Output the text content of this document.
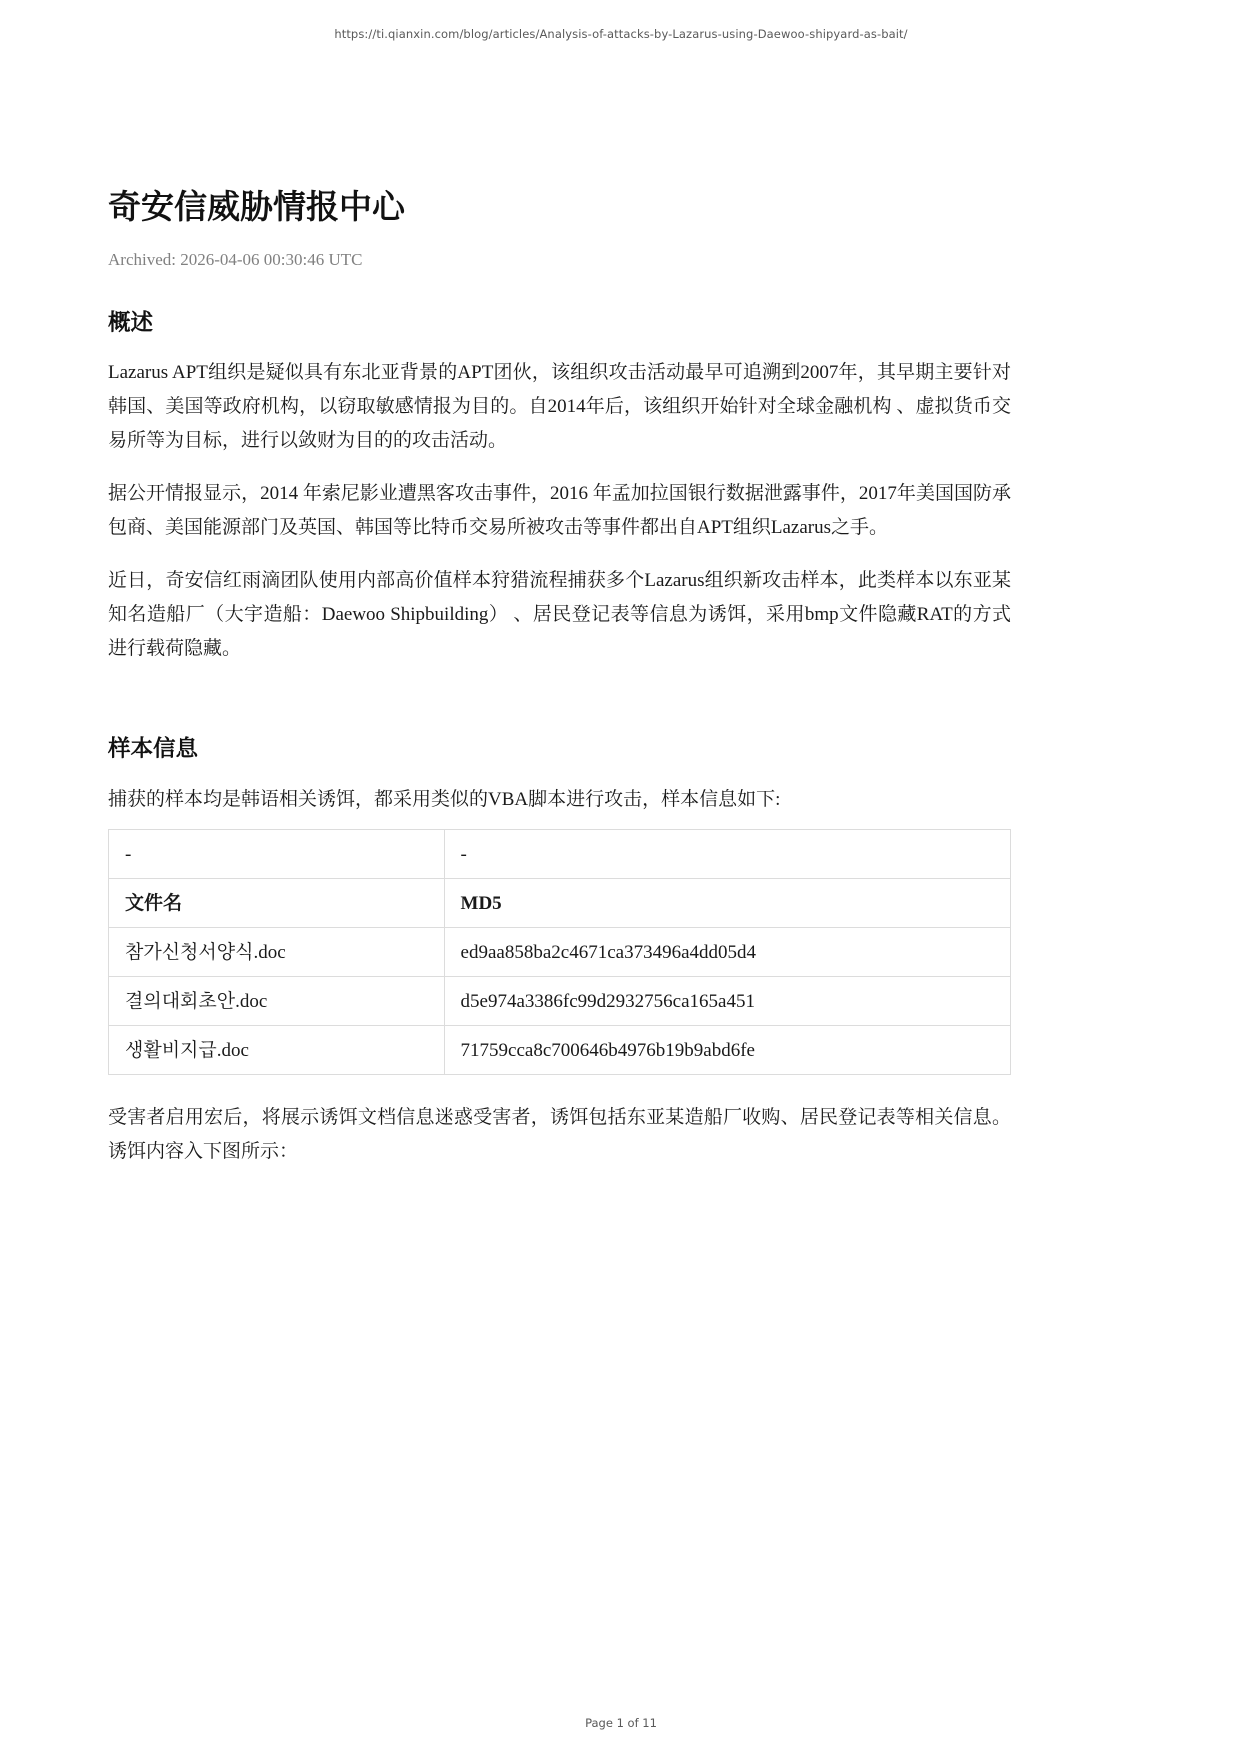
https://ti.qianxin.com/blog/articles/Analysis-of-attacks-by-Lazarus-using-Daewoo-shipyard-as-bait/
奇安信威胁情报中心
Archived: 2026-04-06 00:30:46 UTC
概述

Lazarus APT组织是疑似具有东北亚背景的APT团伙，该组织攻击活动最早可追溯到2007年，其早期主要针对韩国、美国等政府机构，以窃取敏感情报为目的。自2014年后，该组织开始针对全球金融机构 、虚拟货币交易所等为目标，进行以敛财为目的的攻击活动。

据公开情报显示，2014 年索尼影业遭黑客攻击事件，2016 年孟加拉国银行数据泄露事件，2017年美国国防承包商、美国能源部门及英国、韩国等比特币交易所被攻击等事件都出自APT组织Lazarus之手。

近日，奇安信红雨滴团队使用内部高价值样本狩猎流程捕获多个Lazarus组织新攻击样本，此类样本以东亚某知名造船厂（大宇造船：Daewoo Shipbuilding） 、居民登记表等信息为诱饵，采用bmp文件隐藏RAT的方式进行载荷隐藏。

样本信息

捕获的样本均是韩语相关诱饵，都采用类似的VBA脚本进行攻击，样本信息如下:

-	-
文件名	MD5
참가신청서양식.doc	ed9aa858ba2c4671ca373496a4dd05d4
결의대회초안.doc	d5e974a3386fc99d2932756ca165a451
생활비지급.doc	71759cca8c700646b4976b19b9abd6fe

受害者启用宏后，将展示诱饵文档信息迷惑受害者，诱饵包括东亚某造船厂收购、居民登记表等相关信息。诱饵内容入下图所示：

Page 1 of 11
